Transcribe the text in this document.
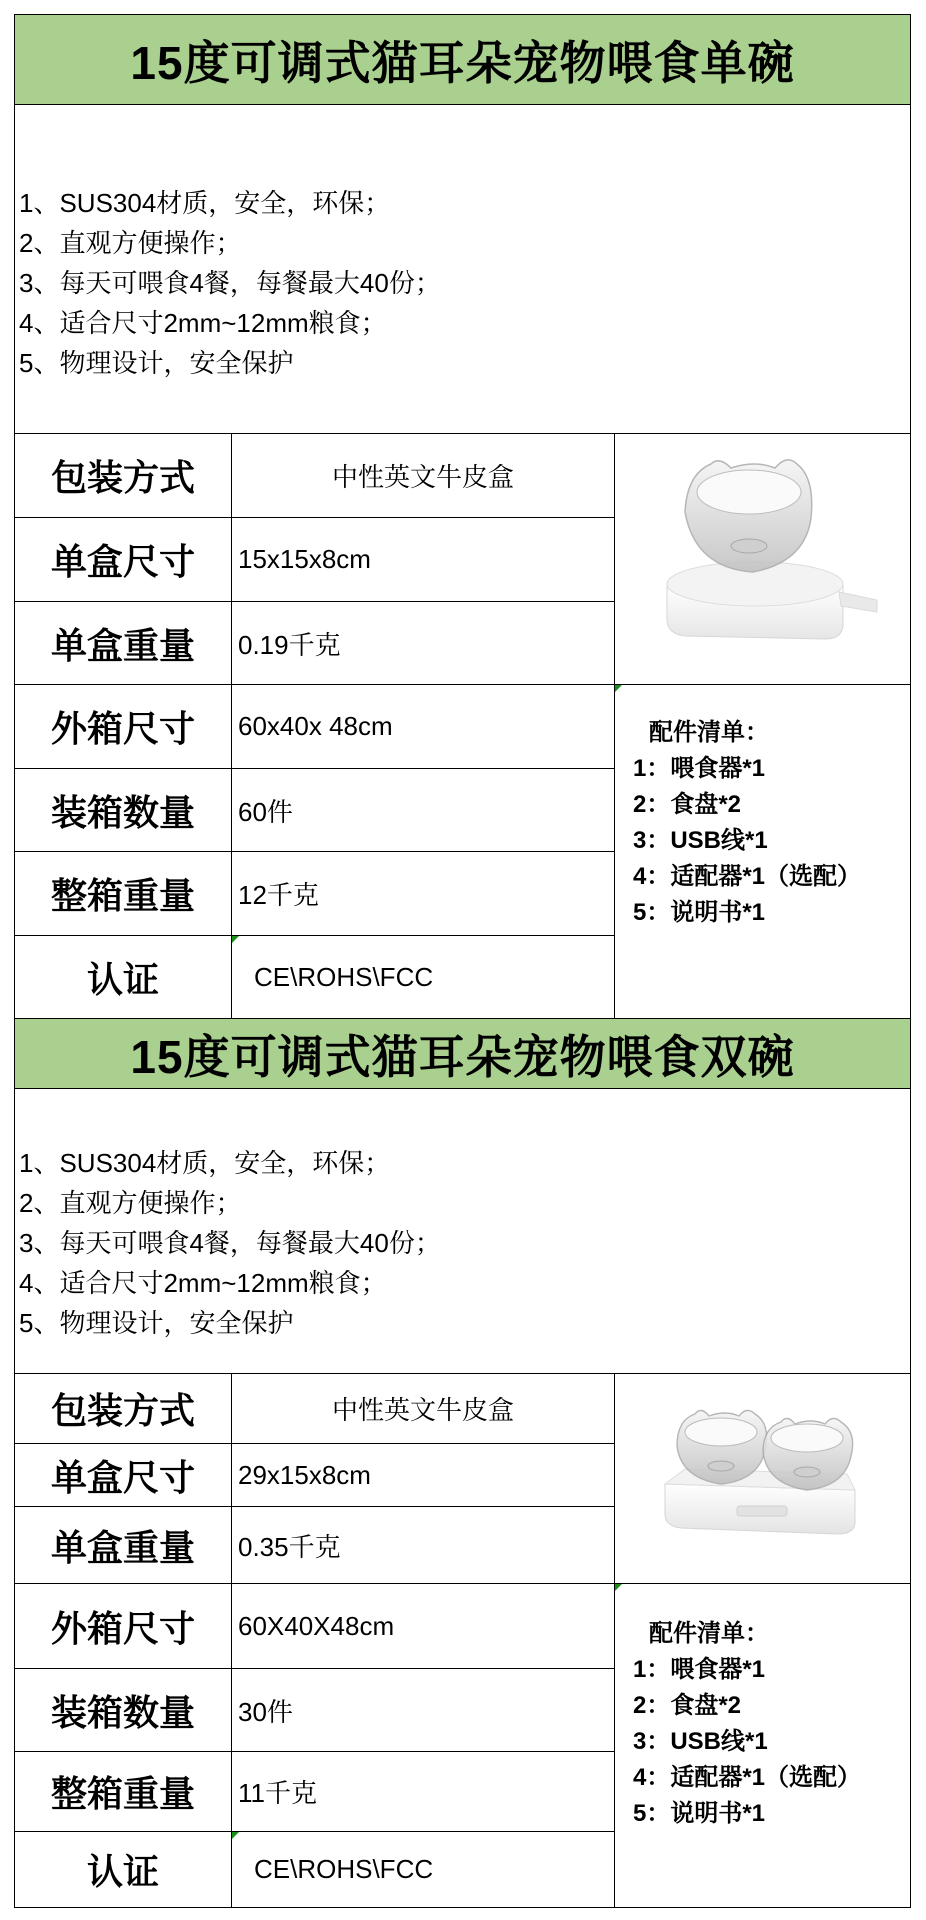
15度可调式猫耳朵宠物喂食单碗
1、SUS304材质，安全，环保；
2、直观方便操作；
3、每天可喂食4餐，每餐最大40份；
4、适合尺寸2mm~12mm粮食；
5、物理设计，安全保护
包装方式	中性英文牛皮盒
单盒尺寸	15x15x8cm
单盒重量	0.19千克
外箱尺寸	60x40x 48cm
装箱数量	60件
整箱重量	12千克
认证	CE\ROHS\FCC
配件清单：
1：喂食器*1
2：食盘*2
3：USB线*1
4：适配器*1（选配）
5：说明书*1
15度可调式猫耳朵宠物喂食双碗
1、SUS304材质，安全，环保；
2、直观方便操作；
3、每天可喂食4餐，每餐最大40份；
4、适合尺寸2mm~12mm粮食；
5、物理设计，安全保护
包装方式	中性英文牛皮盒
单盒尺寸	29x15x8cm
单盒重量	0.35千克
外箱尺寸	60X40X48cm
装箱数量	30件
整箱重量	11千克
认证	CE\ROHS\FCC
配件清单：
1：喂食器*1
2：食盘*2
3：USB线*1
4：适配器*1（选配）
5：说明书*1
